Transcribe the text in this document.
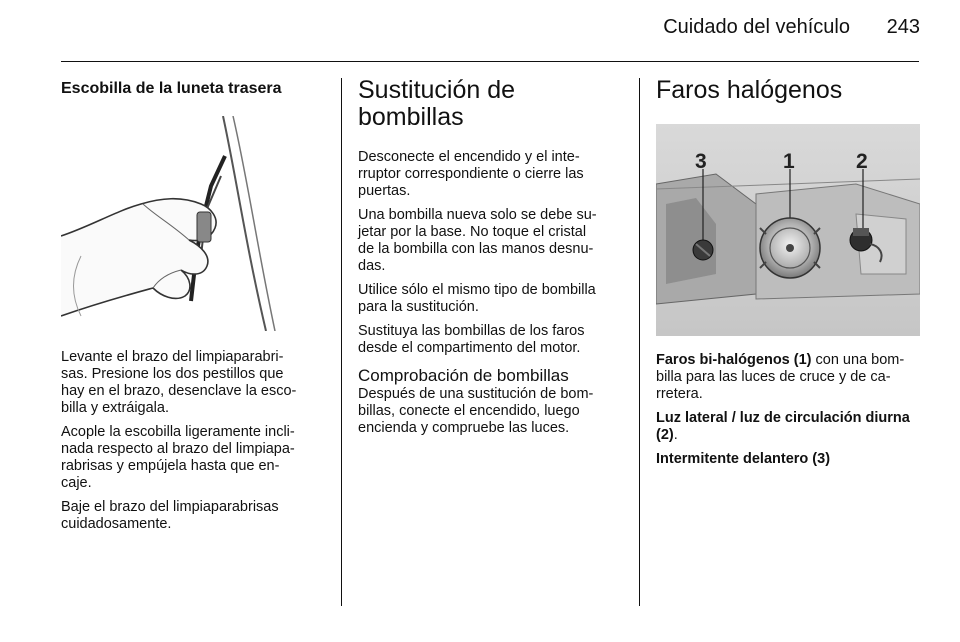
Cuidado del vehículo	243
Escobilla de la luneta trasera

Levante el brazo del limpiaparabri-
sas. Presione los dos pestillos que
hay en el brazo, desenclave la esco-
billa y extráigala.

Acople la escobilla ligeramente incli-
nada respecto al brazo del limpiapa-
rabrisas y empújela hasta que en-
caje.

Baje el brazo del limpiaparabrisas
cuidadosamente.

Sustitución de
bombillas

Desconecte el encendido y el inte-
rruptor correspondiente o cierre las
puertas.

Una bombilla nueva solo se debe su-
jetar por la base. No toque el cristal
de la bombilla con las manos desnu-
das.

Utilice sólo el mismo tipo de bombilla
para la sustitución.

Sustituya las bombillas de los faros
desde el compartimento del motor.

Comprobación de bombillas

Después de una sustitución de bom-
billas, conecte el encendido, luego
encienda y compruebe las luces.

Faros halógenos
3	1	2

Faros bi-halógenos (1) con una bom-
billa para las luces de cruce y de ca-
rretera.

Luz lateral / luz de circulación diurna
(2).

Intermitente delantero (3)
